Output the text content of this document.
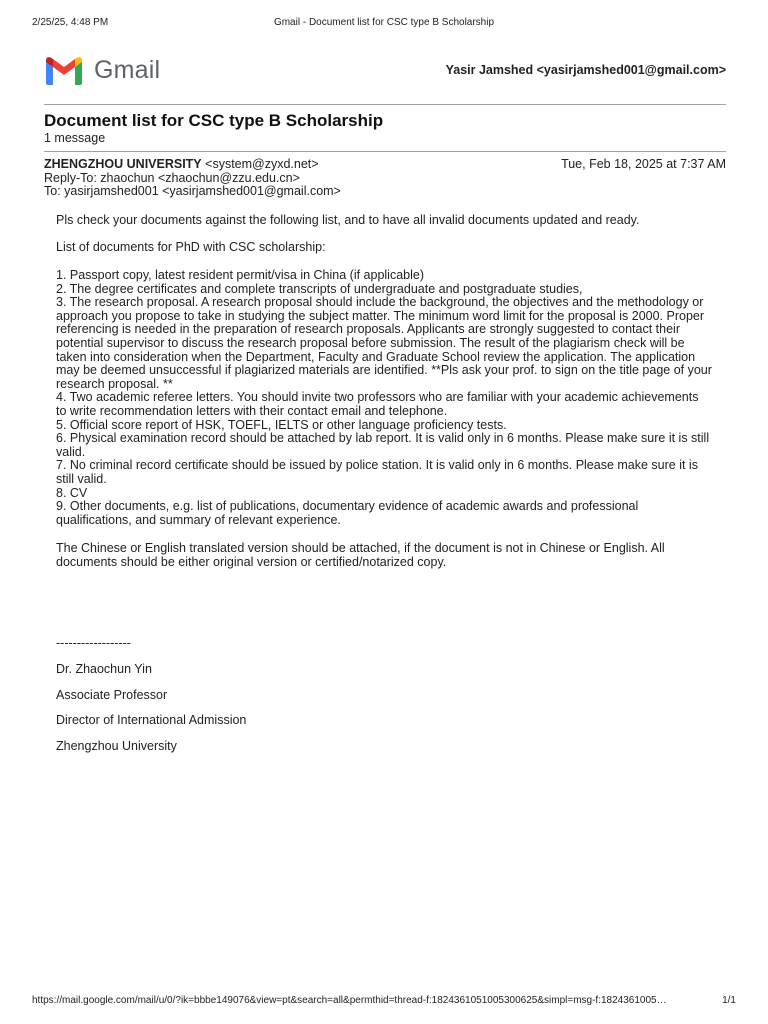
2/25/25, 4:48 PM	Gmail - Document list for CSC type B Scholarship
Gmail	Yasir Jamshed <yasirjamshed001@gmail.com>
Document list for CSC type B Scholarship
1 message
ZHENGZHOU UNIVERSITY <system@zyxd.net>	Tue, Feb 18, 2025 at 7:37 AM
Reply-To: zhaochun <zhaochun@zzu.edu.cn>
To: yasirjamshed001 <yasirjamshed001@gmail.com>
Pls check your documents against the following list, and to have all invalid documents updated and ready.
List of documents for PhD with CSC scholarship:

1. Passport copy, latest resident permit/visa in China (if applicable)

2. The degree certificates and complete transcripts of undergraduate and postgraduate studies,

3. The research proposal. A research proposal should include the background, the objectives and the methodology or approach you propose to take in studying the subject matter. The minimum word limit for the proposal is 2000. Proper referencing is needed in the preparation of research proposals. Applicants are strongly suggested to contact their potential supervisor to discuss the research proposal before submission. The result of the plagiarism check will be taken into consideration when the Department, Faculty and Graduate School review the application. The application may be deemed unsuccessful if plagiarized materials are identified. **Pls ask your prof. to sign on the title page of your research proposal. **

4. Two academic referee letters. You should invite two professors who are familiar with your academic achievements to write recommendation letters with their contact email and telephone.

5. Official score report of HSK, TOEFL, IELTS or other language proficiency tests.

6. Physical examination record should be attached by lab report. It is valid only in 6 months. Please make sure it is still valid.

7. No criminal record certificate should be issued by police station. It is valid only in 6 months. Please make sure it is still valid.

8. CV

9. Other documents, e.g. list of publications, documentary evidence of academic awards and professional qualifications, and summary of relevant experience.

The Chinese or English translated version should be attached, if the document is not in Chinese or English. All documents should be either original version or certified/notarized copy.
------------------
Dr. Zhaochun Yin
Associate Professor
Director of International Admission
Zhengzhou University
https://mail.google.com/mail/u/0/?ik=bbbe149076&view=pt&search=all&permthid=thread-f:1824361051005300625&simpl=msg-f:1824361005…	1/1
